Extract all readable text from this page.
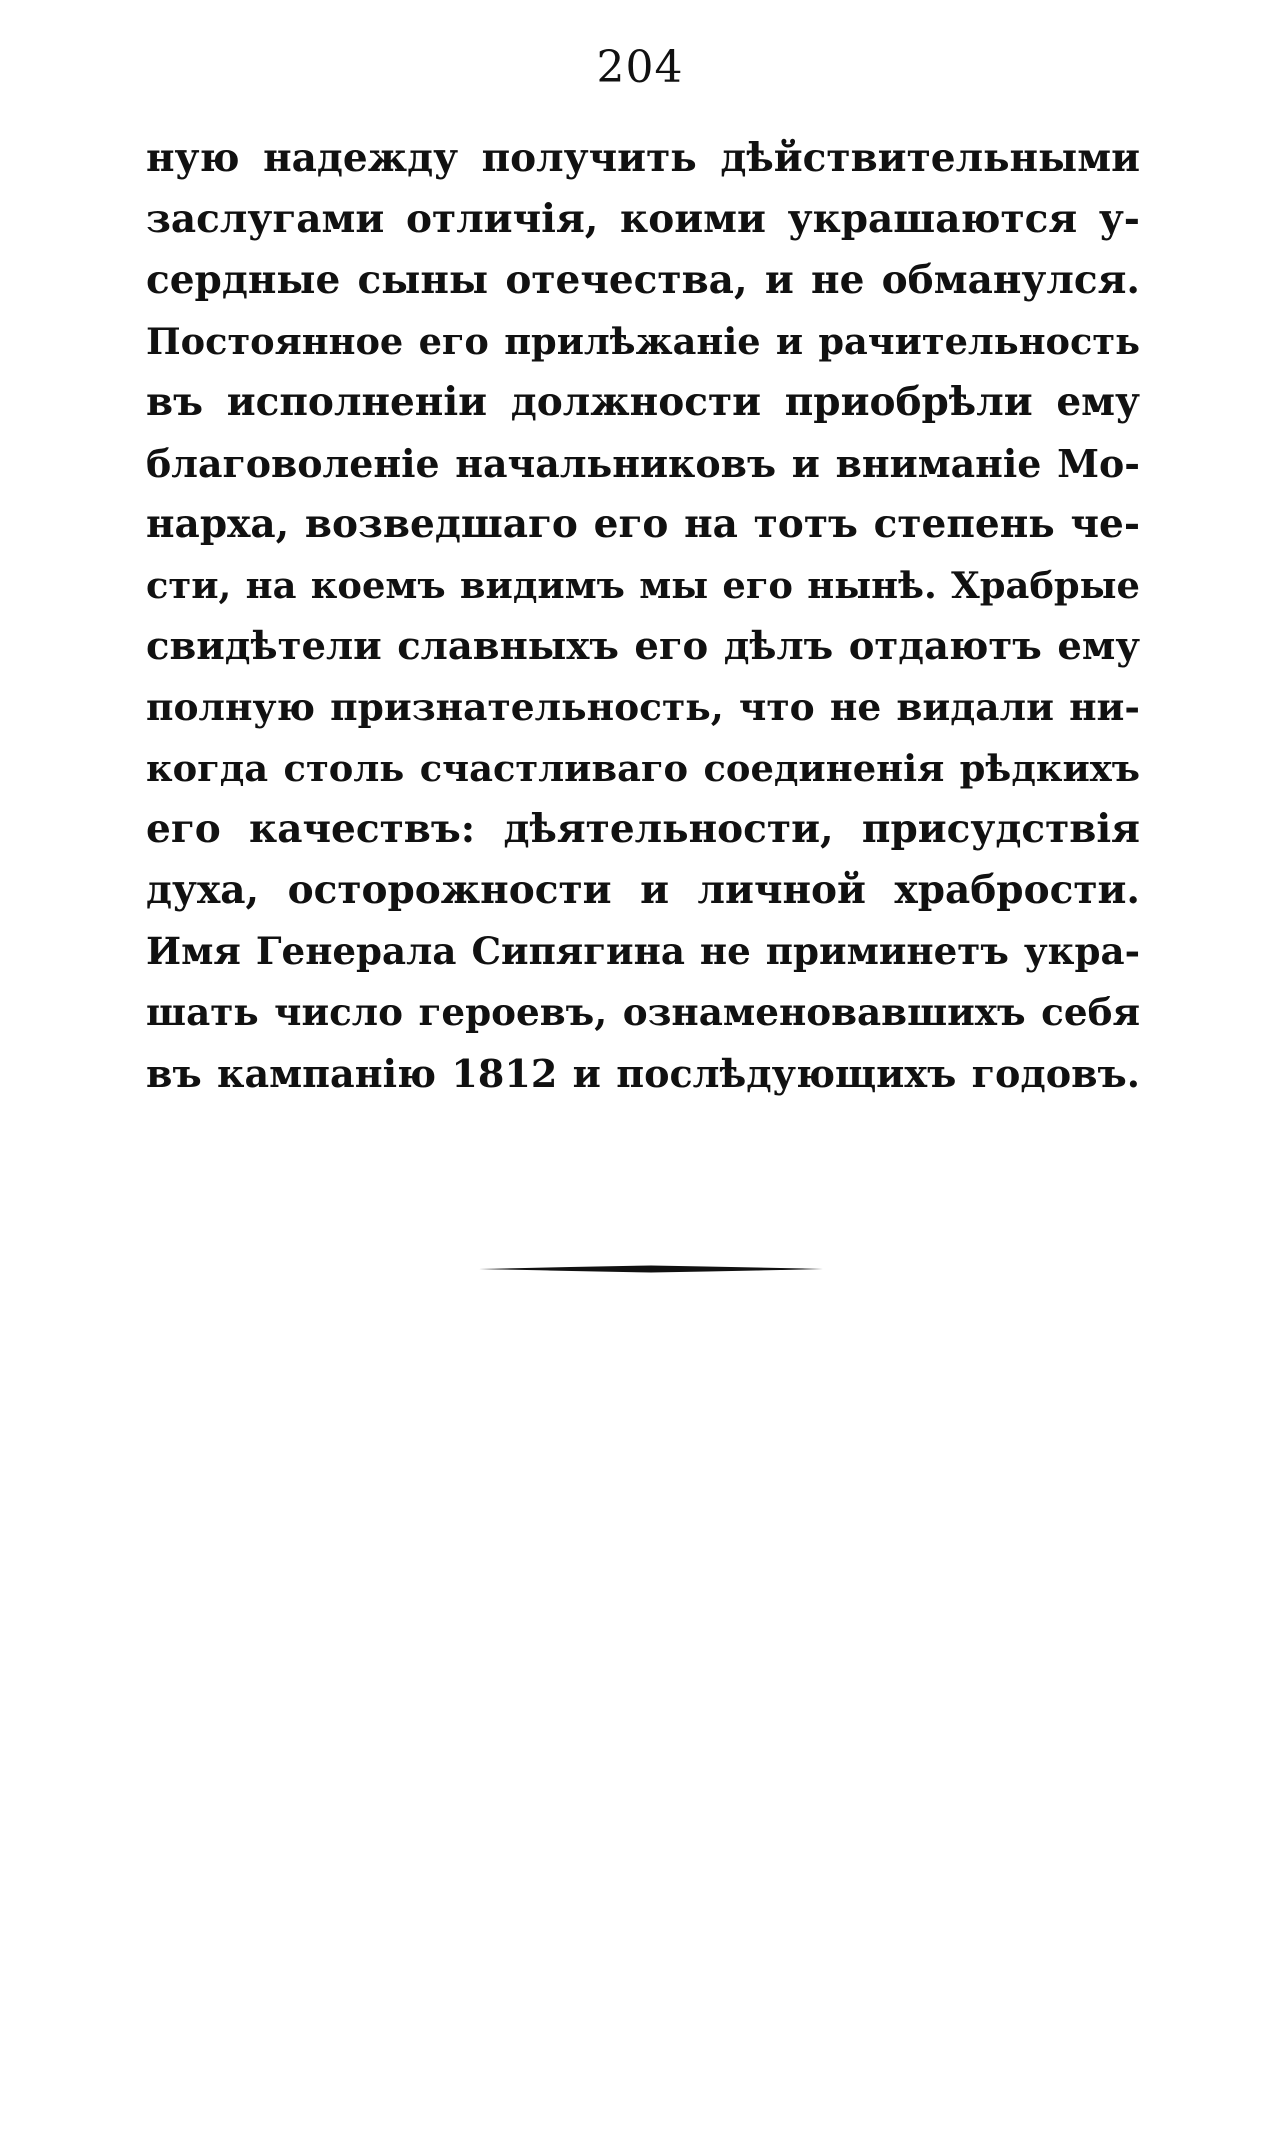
204
ную надежду получить дѣйствительными
заслугами отличія, коими украшаются у-
сердные сыны отечества, и не обманулся.
Постоянное его прилѣжаніе и рачительность
въ исполненіи должности приобрѣли ему
благоволеніе начальниковъ и вниманіе Мо-
нарха, возведшаго его на тотъ степень че-
сти, на коемъ видимъ мы его нынѣ. Храбрые
свидѣтели славныхъ его дѣлъ отдаютъ ему
полную признательность, что не видали ни-
когда столь счастливаго соединенія рѣдкихъ
его качествъ: дѣятельности, присудствія
духа, осторожности и личной храбрости.
Имя Генерала Сипягина не приминетъ укра-
шать число героевъ, ознаменовавшихъ себя
въ кампанію 1812 и послѣдующихъ годовъ.
